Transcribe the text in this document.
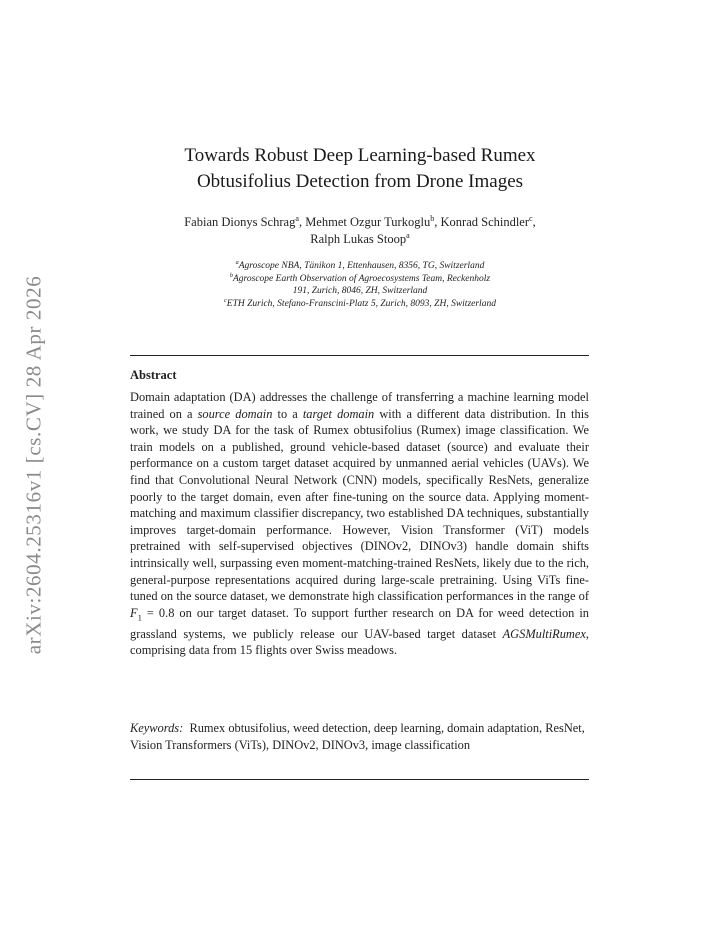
arXiv:2604.25316v1 [cs.CV] 28 Apr 2026
Towards Robust Deep Learning-based Rumex
Obtusifolius Detection from Drone Images
Fabian Dionys Schrag$^a$, Mehmet Ozgur Turkoglu$^b$, Konrad Schindler$^c$,
Ralph Lukas Stoop$^a$
$^a$Agroscope NBA, Tänikon 1, Ettenhausen, 8356, TG, Switzerland
$^b$Agroscope Earth Observation of Agroecosystems Team, Reckenholz
191, Zurich, 8046, ZH, Switzerland
$^c$ETH Zurich, Stefano-Franscini-Platz 5, Zurich, 8093, ZH, Switzerland
Abstract

Domain adaptation (DA) addresses the challenge of transferring a machine learning model trained on a source domain to a target domain with a different data distribution. In this work, we study DA for the task of Rumex obtusifolius (Rumex) image classification. We train models on a published, ground vehicle-based dataset (source) and evaluate their performance on a custom target dataset acquired by unmanned aerial vehicles (UAVs). We find that Convolutional Neural Network (CNN) models, specifically ResNets, generalize poorly to the target domain, even after fine-tuning on the source data. Applying moment-matching and maximum classifier discrepancy, two established DA techniques, substantially improves target-domain performance. However, Vision Transformer (ViT) models pretrained with self-supervised objectives (DINOv2, DINOv3) handle domain shifts intrinsically well, surpassing even moment-matching-trained ResNets, likely due to the rich, general-purpose representations acquired during large-scale pretraining. Using ViTs fine-tuned on the source dataset, we demonstrate high classification performances in the range of $F_1 = 0.8$ on our target dataset. To support further research on DA for weed detection in grassland systems, we publicly release our UAV-based target dataset AGSMultiRumex, comprising data from 15 flights over Swiss meadows.

Keywords: Rumex obtusifolius, weed detection, deep learning, domain adaptation, ResNet, Vision Transformers (ViTs), DINOv2, DINOv3, image classification
